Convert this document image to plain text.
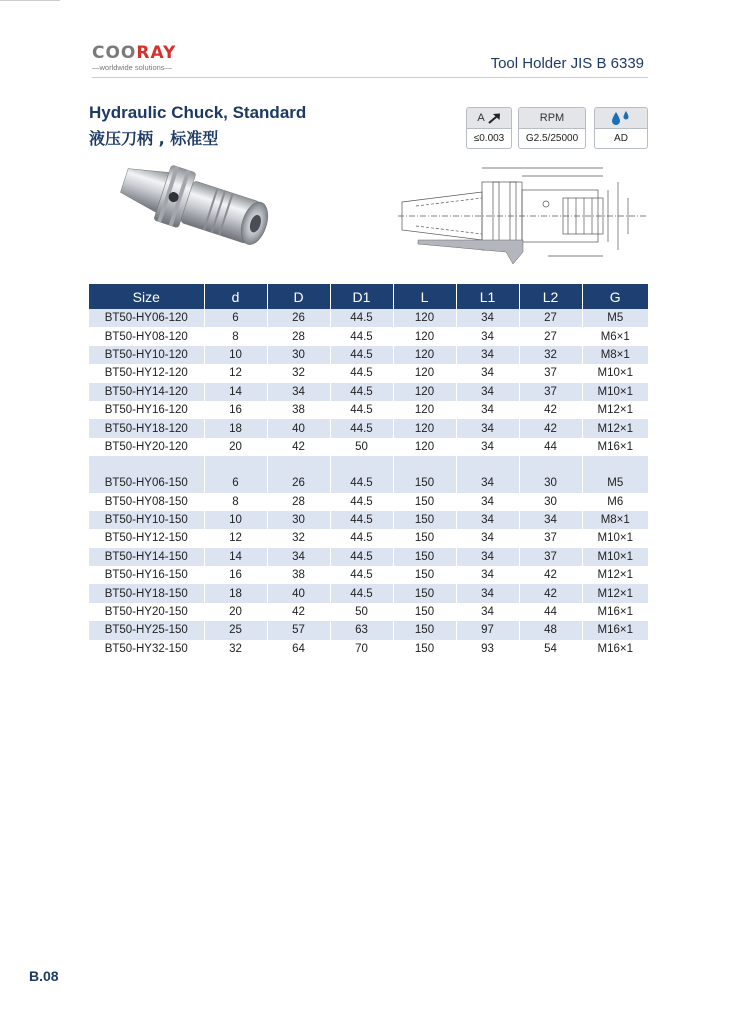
COORAY
—worldwide solutions—	Tool Holder JIS B 6339
Hydraulic Chuck, Standard
液压刀柄 , 标准型
A
≤0.003
RPM
G2.5/25000	AD
Size	d	D	D1	L	L1	L2	G
BT50-HY06-120	6	26	44.5	120	34	27	M5
BT50-HY08-120	8	28	44.5	120	34	27	M6×1
BT50-HY10-120	10	30	44.5	120	34	32	M8×1
BT50-HY12-120	12	32	44.5	120	34	37	M10×1
BT50-HY14-120	14	34	44.5	120	34	37	M10×1
BT50-HY16-120	16	38	44.5	120	34	42	M12×1
BT50-HY18-120	18	40	44.5	120	34	42	M12×1
BT50-HY20-120	20	42	50	120	34	44	M16×1

BT50-HY06-150	6	26	44.5	150	34	30	M5
BT50-HY08-150	8	28	44.5	150	34	30	M6
BT50-HY10-150	10	30	44.5	150	34	34	M8×1
BT50-HY12-150	12	32	44.5	150	34	37	M10×1
BT50-HY14-150	14	34	44.5	150	34	37	M10×1
BT50-HY16-150	16	38	44.5	150	34	42	M12×1
BT50-HY18-150	18	40	44.5	150	34	42	M12×1
BT50-HY20-150	20	42	50	150	34	44	M16×1
BT50-HY25-150	25	57	63	150	97	48	M16×1
BT50-HY32-150	32	64	70	150	93	54	M16×1
B.08
